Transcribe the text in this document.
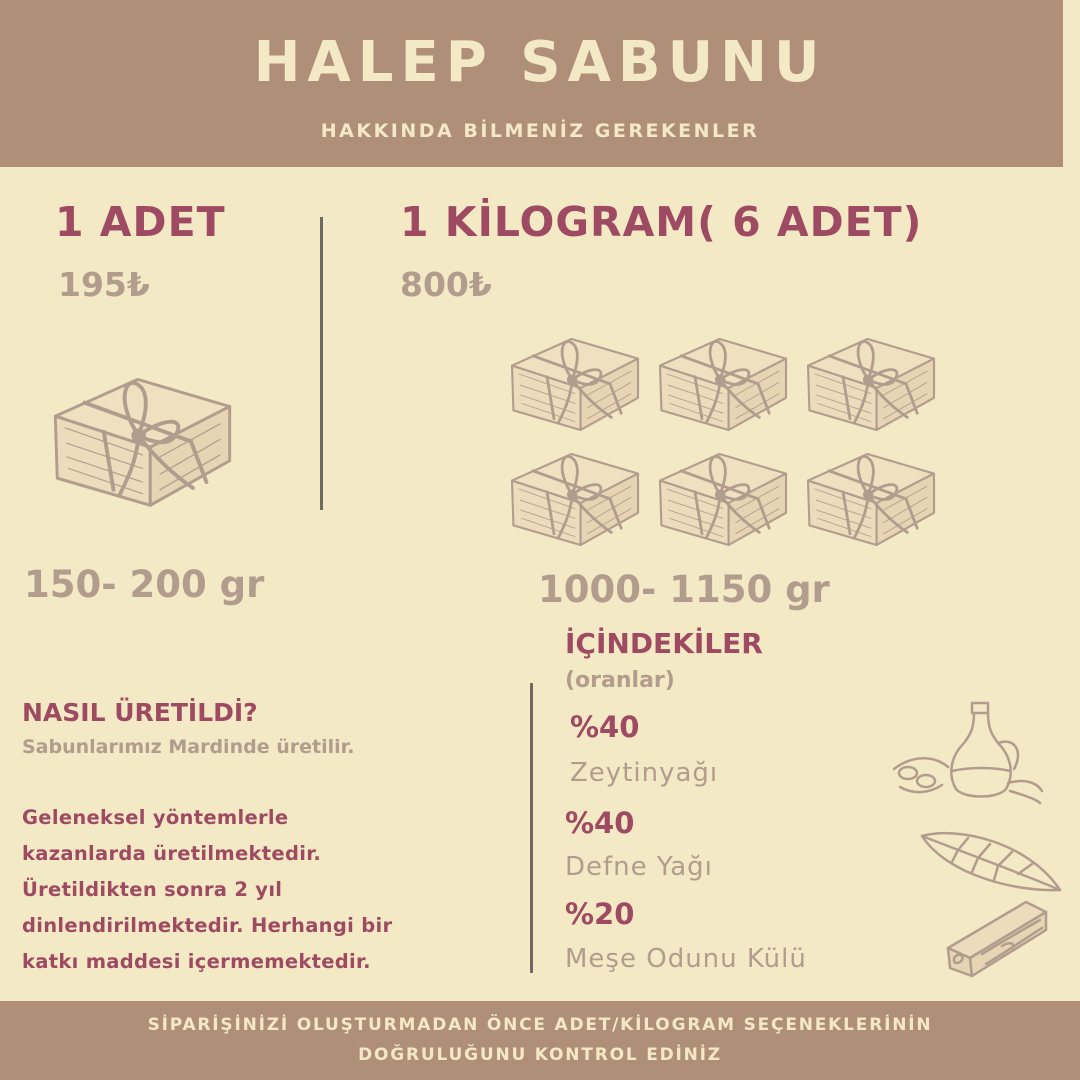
HALEP SABUNU
HAKKINDA BİLMENİZ GEREKENLER
1 ADET
195₺
1 KİLOGRAM( 6 ADET)
800₺
150- 200 gr	1000- 1150 gr
İÇİNDEKİLER
(oranlar)
NASIL ÜRETİLDİ?
Sabunlarımız Mardinde üretilir.

Geleneksel yöntemlerle

kazanlarda üretilmektedir.

Üretildikten sonra 2 yıl

dinlendirilmektedir. Herhangi bir

katkı maddesi içermemektedir.

%40
Zeytinyağı
%40
Defne Yağı
%20
Meşe Odunu Külü
SİPARİŞİNİZİ OLUŞTURMADAN ÖNCE ADET/KİLOGRAM SEÇENEKLERİNİN
DOĞRULUĞUNU KONTROL EDİNİZ
